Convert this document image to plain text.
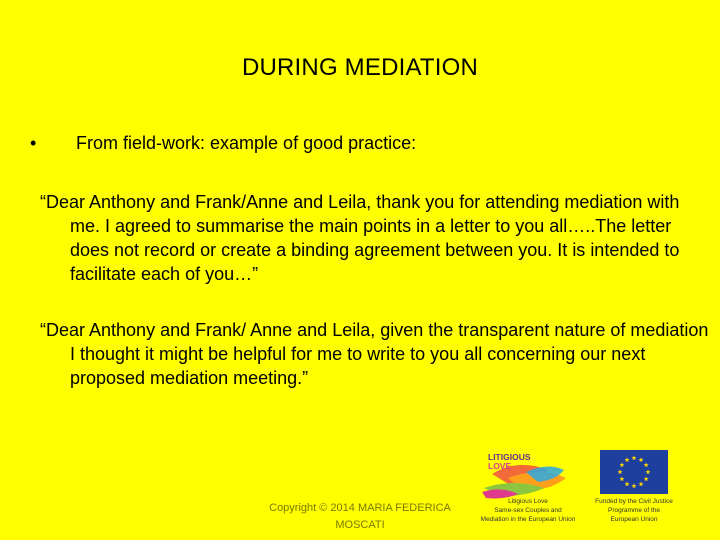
DURING MEDIATION
•	From field-work: example of good practice:
“Dear Anthony and Frank/Anne and Leila, thank you for attending mediation with me. I agreed to summarise the main points in a letter to you all…..The letter does not record or create a binding agreement between you. It is intended to facilitate each of you…”
“Dear Anthony and Frank/ Anne and Leila, given the transparent nature of mediation I thought it might be helpful for me to write to you all concerning our next proposed mediation meeting.”
Copyright © 2014 MARIA FEDERICA
MOSCATI
LITIGIOUS
LOVE
Litigious Love
Same-sex Couples and
Mediation in the European Union
Funded by the Civil Justice
Programme of the
European Union
